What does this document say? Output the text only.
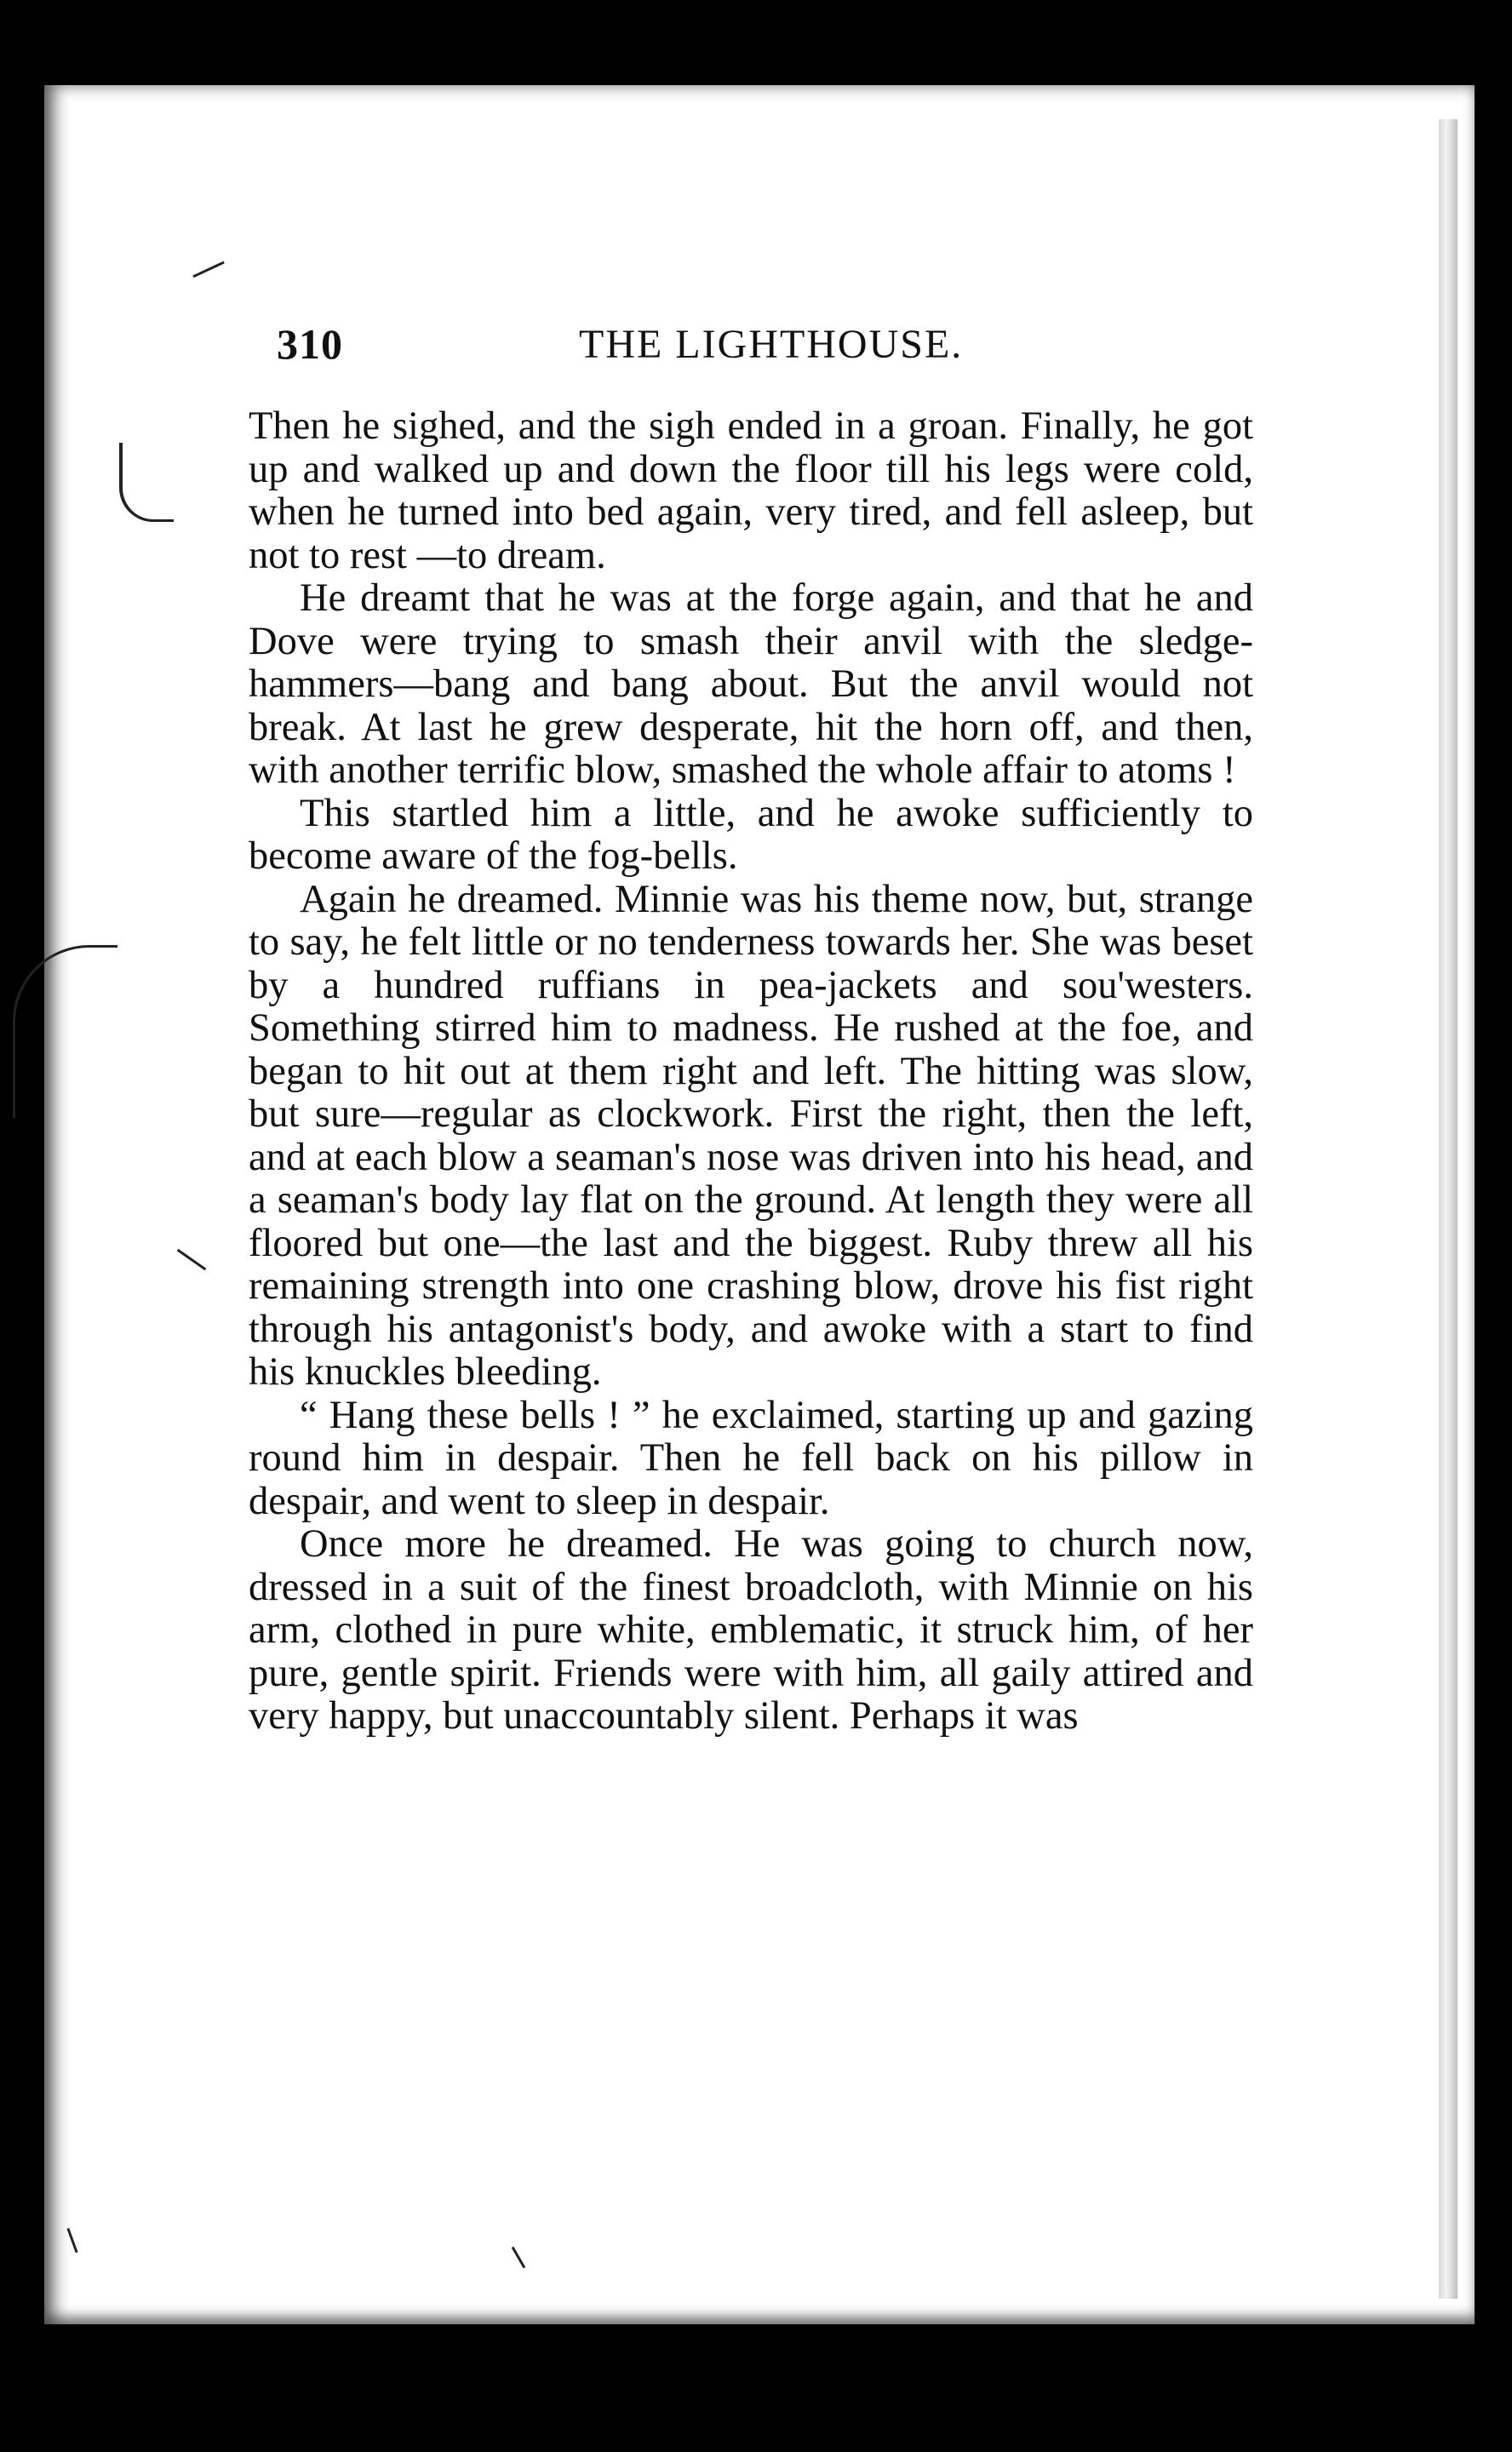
310	THE LIGHTHOUSE.

Then he sighed, and the sigh ended in a groan. Finally, he got up and walked up and down the floor till his legs were cold, when he turned into bed again, very tired, and fell asleep, but not to rest —to dream.

He dreamt that he was at the forge again, and that he and Dove were trying to smash their anvil with the sledge-hammers—bang and bang about. But the anvil would not break. At last he grew desperate, hit the horn off, and then, with another terrific blow, smashed the whole affair to atoms !

This startled him a little, and he awoke sufficiently to become aware of the fog-bells.

Again he dreamed. Minnie was his theme now, but, strange to say, he felt little or no tenderness towards her. She was beset by a hundred ruffians in pea-jackets and sou'westers. Something stirred him to madness. He rushed at the foe, and began to hit out at them right and left. The hitting was slow, but sure—regular as clockwork. First the right, then the left, and at each blow a seaman's nose was driven into his head, and a seaman's body lay flat on the ground. At length they were all floored but one—the last and the biggest. Ruby threw all his remaining strength into one crashing blow, drove his fist right through his antagonist's body, and awoke with a start to find his knuckles bleeding.

“ Hang these bells ! ” he exclaimed, starting up and gazing round him in despair. Then he fell back on his pillow in despair, and went to sleep in despair.

Once more he dreamed. He was going to church now, dressed in a suit of the finest broadcloth, with Minnie on his arm, clothed in pure white, emblematic, it struck him, of her pure, gentle spirit. Friends were with him, all gaily attired and very happy, but unaccountably silent. Perhaps it was
